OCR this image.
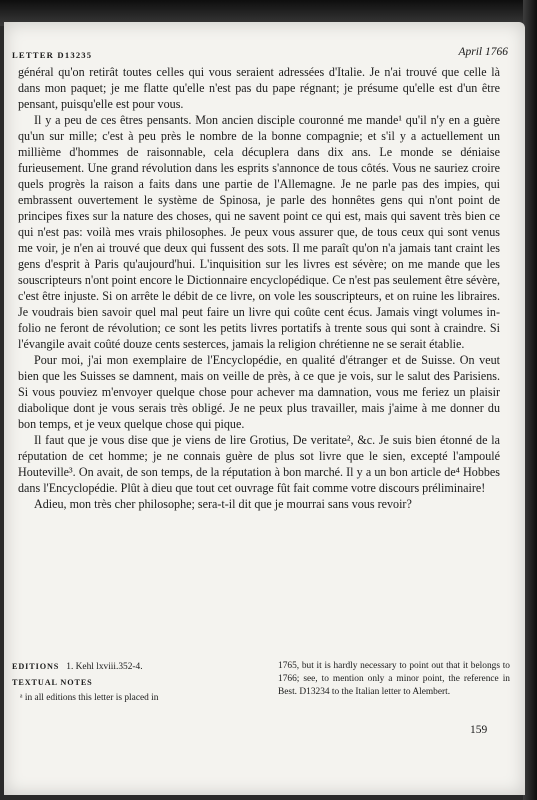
LETTER D13235	April 1766

général qu'on retirât toutes celles qui vous seraient adressées d'Italie. Je n'ai trouvé que celle là dans mon paquet; je me flatte qu'elle n'est pas du pape régnant; je présume qu'elle est d'un être pensant, puisqu'elle est pour vous.

Il y a peu de ces êtres pensants. Mon ancien disciple couronné me mande¹ qu'il n'y en a guère qu'un sur mille; c'est à peu près le nombre de la bonne compagnie; et s'il y a actuellement un millième d'hommes de raisonnable, cela décuplera dans dix ans. Le monde se déniaise furieusement. Une grand révolution dans les esprits s'annonce de tous côtés. Vous ne sauriez croire quels progrès la raison a faits dans une partie de l'Allemagne. Je ne parle pas des impies, qui embrassent ouvertement le système de Spinosa, je parle des honnêtes gens qui n'ont point de principes fixes sur la nature des choses, qui ne savent point ce qui est, mais qui savent très bien ce qui n'est pas: voilà mes vrais philosophes. Je peux vous assurer que, de tous ceux qui sont venus me voir, je n'en ai trouvé que deux qui fussent des sots. Il me paraît qu'on n'a jamais tant craint les gens d'esprit à Paris qu'aujourd'hui. L'inquisition sur les livres est sévère; on me mande que les souscripteurs n'ont point encore le Dictionnaire encyclopédique. Ce n'est pas seulement être sévère, c'est être injuste. Si on arrête le débit de ce livre, on vole les souscripteurs, et on ruine les libraires. Je voudrais bien savoir quel mal peut faire un livre qui coûte cent écus. Jamais vingt volumes in-folio ne feront de révolution; ce sont les petits livres portatifs à trente sous qui sont à craindre. Si l'évangile avait coûté douze cents sesterces, jamais la religion chrétienne ne se serait établie.

Pour moi, j'ai mon exemplaire de l'Encyclopédie, en qualité d'étranger et de Suisse. On veut bien que les Suisses se damnent, mais on veille de près, à ce que je vois, sur le salut des Parisiens. Si vous pouviez m'envoyer quelque chose pour achever ma damnation, vous me feriez un plaisir diabolique dont je vous serais très obligé. Je ne peux plus travailler, mais j'aime à me donner du bon temps, et je veux quelque chose qui pique.

Il faut que je vous dise que je viens de lire Grotius, De veritate², &c. Je suis bien étonné de la réputation de cet homme; je ne connais guère de plus sot livre que le sien, excepté l'ampoulé Houteville³. On avait, de son temps, de la réputation à bon marché. Il y a un bon article de⁴ Hobbes dans l'Encyclopédie. Plût à dieu que tout cet ouvrage fût fait comme votre discours préliminaire!

Adieu, mon très cher philosophe; sera-t-il dit que je mourrai sans vous revoir?

EDITIONS 1. Kehl lxviii.352-4.
TEXTUAL NOTES
ᵃ in all editions this letter is placed in
1765, but it is hardly necessary to point out that it belongs to 1766; see, to mention only a minor point, the reference in Best. D13234 to the Italian letter to Alembert.
159
